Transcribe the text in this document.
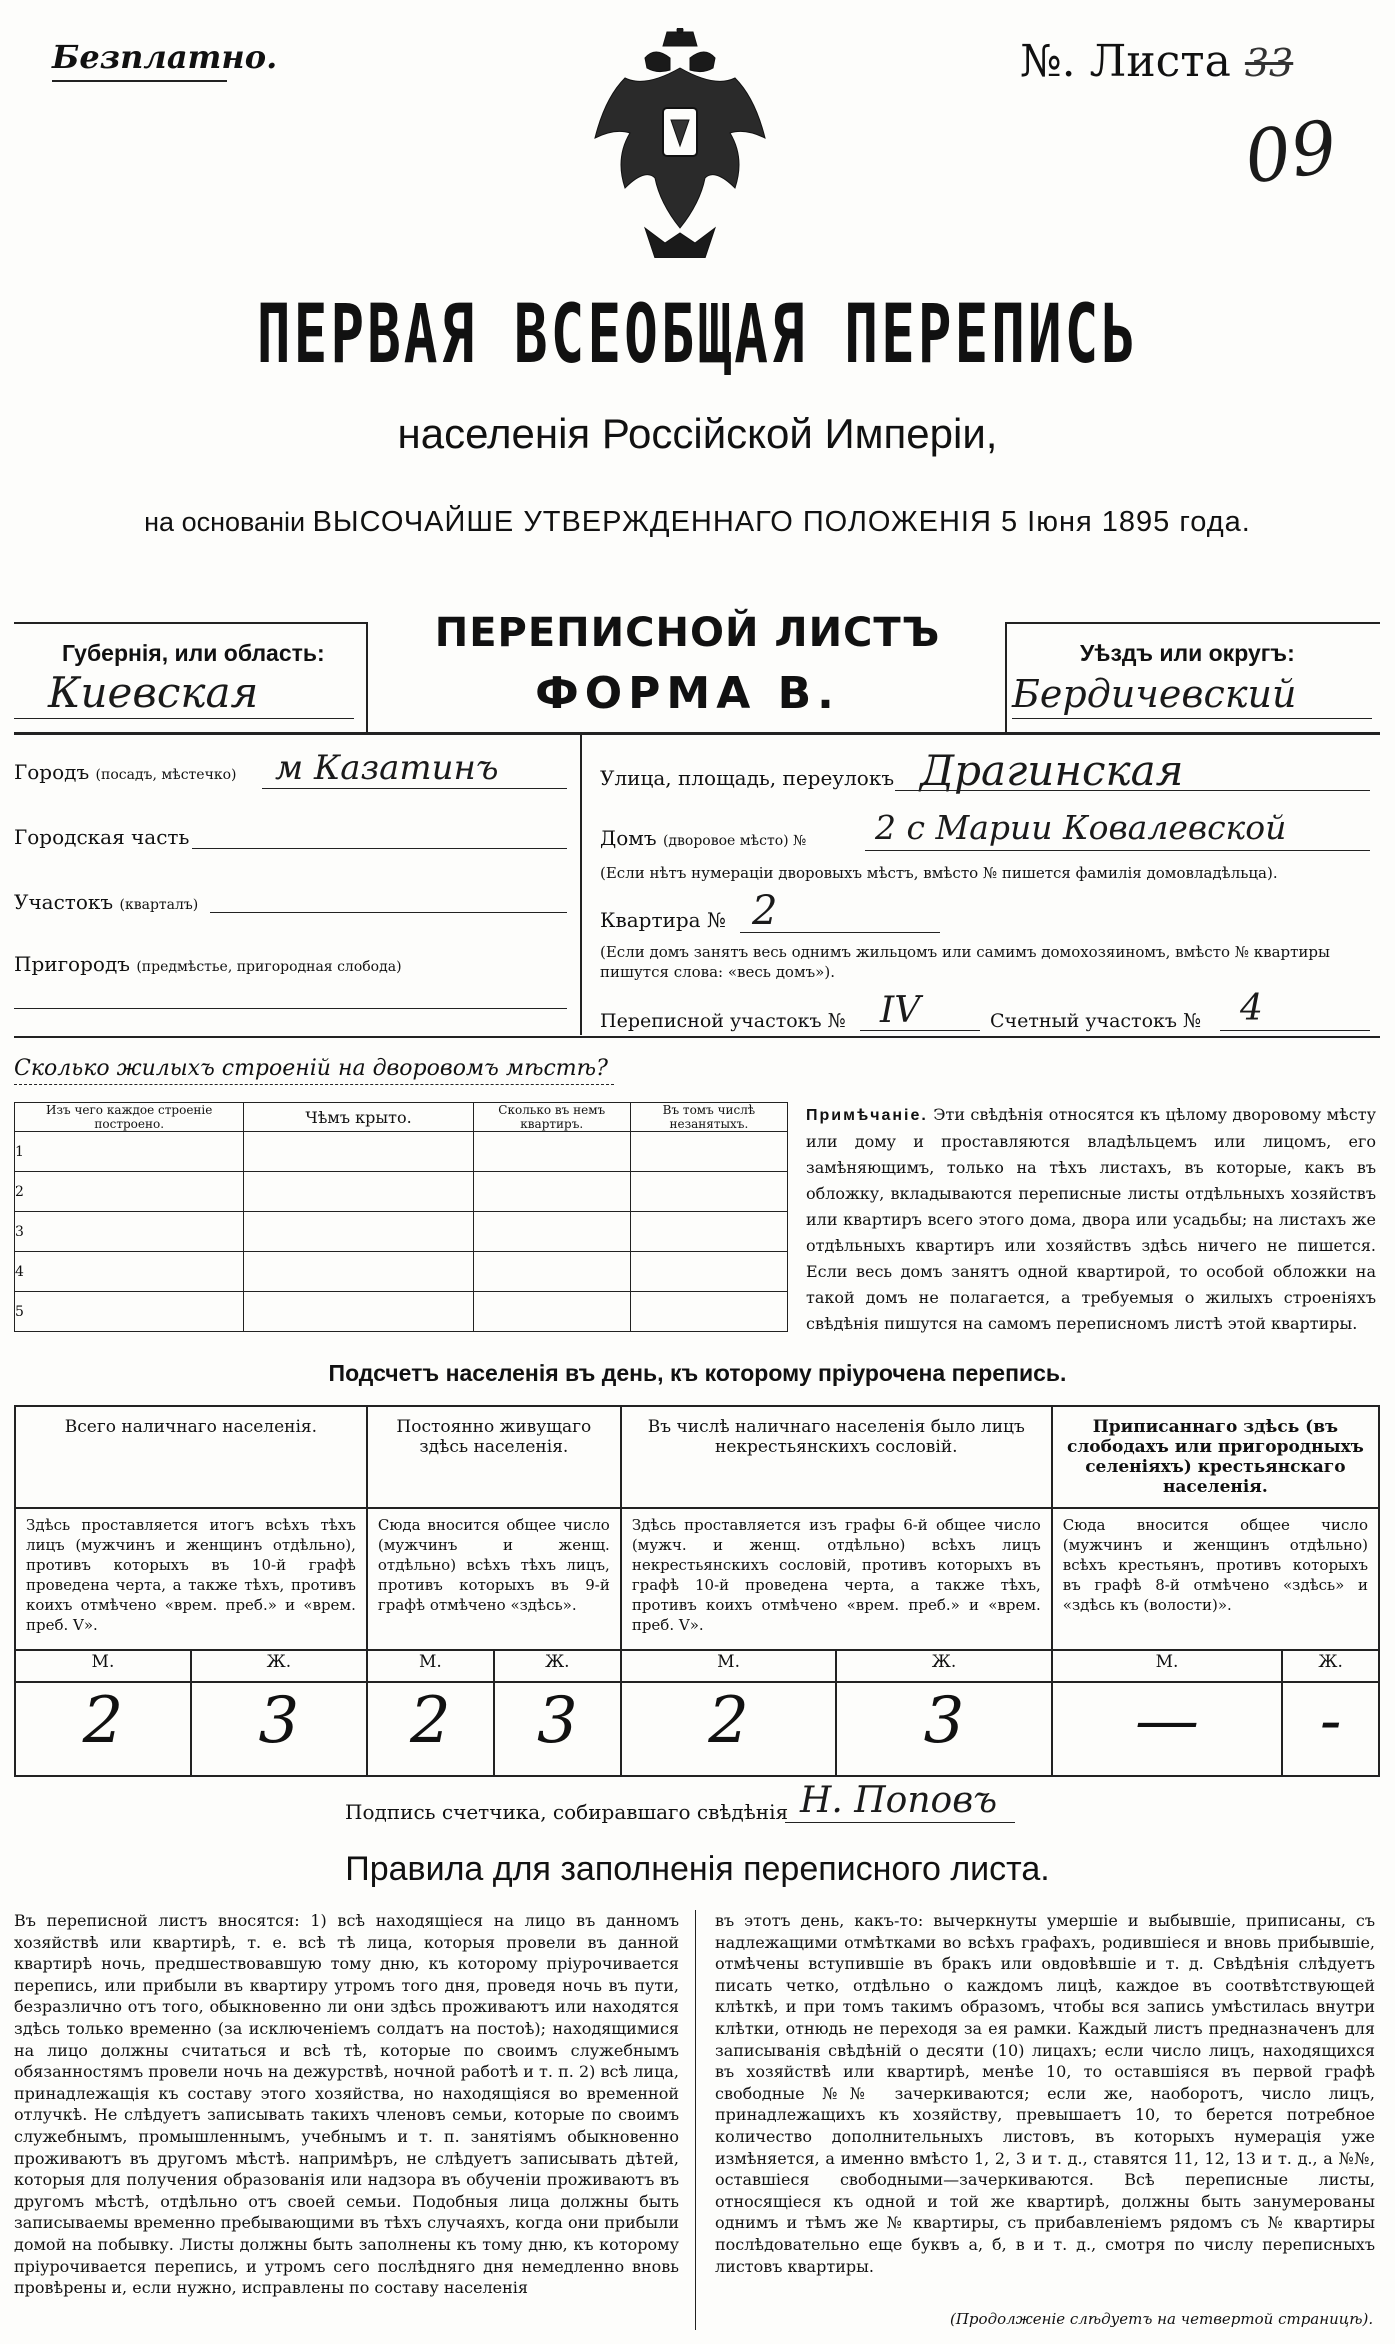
Безплатно.	№. Листа 33
09
ПЕРВАЯ ВСЕОБЩАЯ ПЕРЕПИСЬ
населенія Россійской Имперіи,
на основаніи ВЫСОЧАЙШЕ УТВЕРЖДЕННАГО ПОЛОЖЕНІЯ 5 Іюня 1895 года.
Губернія, или область:
Киевская
ПЕРЕПИСНОЙ ЛИСТЪ
ФОРМА В.
Уѣздъ или округъ:
Бердичевский
Городъ (посадъ, мѣстечко)	м Казатинъ
Городская часть
Участокъ (кварталъ)
Пригородъ (предмѣстье, пригородная слобода)
Улица, площадь, переулокъ Драгинская
Домъ (дворовое мѣсто) № 2 с Марии Ковалевской
(Если нѣтъ нумераціи дворовыхъ мѣстъ, вмѣсто № пишется фамилія домовладѣльца).
Квартира № 2
(Если домъ занятъ весь однимъ жильцомъ или самимъ домохозяиномъ, вмѣсто № квартиры пишутся слова: «весь домъ»).
Переписной участокъ № IV	Счетный участокъ № 4
Сколько жилыхъ строеній на дворовомъ мѣстѣ?
Изъ чего каждое строеніе построено.	Чѣмъ крыто.	Сколько въ немъ квартиръ.	Въ томъ числѣ незанятыхъ.
1			
2			
3			
4			
5			
Примѣчаніе. Эти свѣдѣнія относятся къ цѣлому дворовому мѣсту или дому и проставляются владѣльцемъ или лицомъ, его замѣняющимъ, только на тѣхъ листахъ, въ которые, какъ въ обложку, вкладываются переписные листы отдѣльныхъ хозяйствъ или квартиръ всего этого дома, двора или усадьбы; на листахъ же отдѣльныхъ квартиръ или хозяйствъ здѣсь ничего не пишется. Если весь домъ занятъ одной квартирой, то особой обложки на такой домъ не полагается, а требуемыя о жилыхъ строеніяхъ свѣдѣнія пишутся на самомъ переписномъ листѣ этой квартиры.
Подсчетъ населенія въ день, къ которому пріурочена перепись.
Всего наличнаго населенія.		Постоянно живущаго здѣсь населенія.		Въ числѣ наличнаго населенія было лицъ некрестьянскихъ сословій.		Приписаннаго здѣсь (въ слободахъ или пригородныхъ селеніяхъ) крестьянскаго населенія.	
Здѣсь проставляется итогъ всѣхъ тѣхъ лицъ (мужчинъ и женщинъ отдѣльно), противъ которыхъ въ 10-й графѣ проведена черта, а также тѣхъ, противъ коихъ отмѣчено «врем. преб.» и «врем. преб. V».		Сюда вносится общее число (мужчинъ и женщ. отдѣльно) всѣхъ тѣхъ лицъ, противъ которыхъ въ 9-й графѣ отмѣчено «здѣсь».		Здѣсь проставляется изъ графы 6-й общее число (мужч. и женщ. отдѣльно) всѣхъ лицъ некрестьянскихъ сословій, противъ которыхъ въ графѣ 10-й проведена черта, а также тѣхъ, противъ коихъ отмѣчено «врем. преб.» и «врем. преб. V».		Сюда вносится общее число (мужчинъ и женщинъ отдѣльно) всѣхъ крестьянъ, противъ которыхъ въ графѣ 8-й отмѣчено «здѣсь» и «здѣсь къ (волости)».	
М.	Ж.	М.	Ж.	М.	Ж.	М.	Ж.
2	3	2	3	2	3	—	-
Подпись счетчика, собиравшаго свѣдѣнія Н. Поповъ
Правила для заполненія переписного листа.
Въ переписной листъ вносятся: 1) всѣ находящіеся на лицо въ данномъ хозяйствѣ или квартирѣ, т. е. всѣ тѣ лица, которыя провели въ данной квартирѣ ночь, предшествовавшую тому дню, къ которому пріурочивается перепись, или прибыли въ квартиру утромъ того дня, проведя ночь въ пути, безразлично отъ того, обыкновенно ли они здѣсь проживаютъ или находятся здѣсь только временно (за исключеніемъ солдатъ на постоѣ); находящимися на лицо должны считаться и всѣ тѣ, которые по своимъ служебнымъ обязанностямъ провели ночь на дежурствѣ, ночной работѣ и т. п. 2) всѣ лица, принадлежащія къ составу этого хозяйства, но находящіяся во временной отлучкѣ. Не слѣдуетъ записывать такихъ членовъ семьи, которые по своимъ служебнымъ, промышленнымъ, учебнымъ и т. п. занятіямъ обыкновенно проживаютъ въ другомъ мѣстѣ. напримѣръ, не слѣдуетъ записывать дѣтей, которыя для получения образованія или надзора въ обученіи проживаютъ въ другомъ мѣстѣ, отдѣльно отъ своей семьи. Подобныя лица должны быть записываемы временно пребывающими въ тѣхъ случаяхъ, когда они прибыли домой на побывку. Листы должны быть заполнены къ тому дню, къ которому пріурочивается перепись, и утромъ сего послѣдняго дня немедленно вновь провѣрены и, если нужно, исправлены по составу населенія
въ этотъ день, какъ-то: вычеркнуты умершіе и выбывшіе, приписаны, съ надлежащими отмѣтками во всѣхъ графахъ, родившіеся и вновь прибывшіе, отмѣчены вступившіе въ бракъ или овдовѣвшіе и т. д. Свѣдѣнія слѣдуетъ писать четко, отдѣльно о каждомъ лицѣ, каждое въ соотвѣтствующей клѣткѣ, и при томъ такимъ образомъ, чтобы вся запись умѣстилась внутри клѣтки, отнюдь не переходя за ея рамки. Каждый листъ предназначенъ для записыванія свѣдѣній о десяти (10) лицахъ; если число лицъ, находящихся въ хозяйствѣ или квартирѣ, менѣе 10, то оставшіяся въ первой графѣ свободные №№ зачеркиваются; если же, наоборотъ, число лицъ, принадлежащихъ къ хозяйству, превышаетъ 10, то берется потребное количество дополнительныхъ листовъ, въ которыхъ нумерація уже измѣняется, а именно вмѣсто 1, 2, 3 и т. д., ставятся 11, 12, 13 и т. д., а №№, оставшіеся свободными—зачеркиваются. Всѣ переписные листы, относящіеся къ одной и той же квартирѣ, должны быть занумерованы однимъ и тѣмъ же № квартиры, съ прибавленіемъ рядомъ съ № квартиры послѣдовательно еще буквъ а, б, в и т. д., смотря по числу переписныхъ листовъ квартиры.
(Продолженіе слѣдуетъ на четвертой страницѣ).
